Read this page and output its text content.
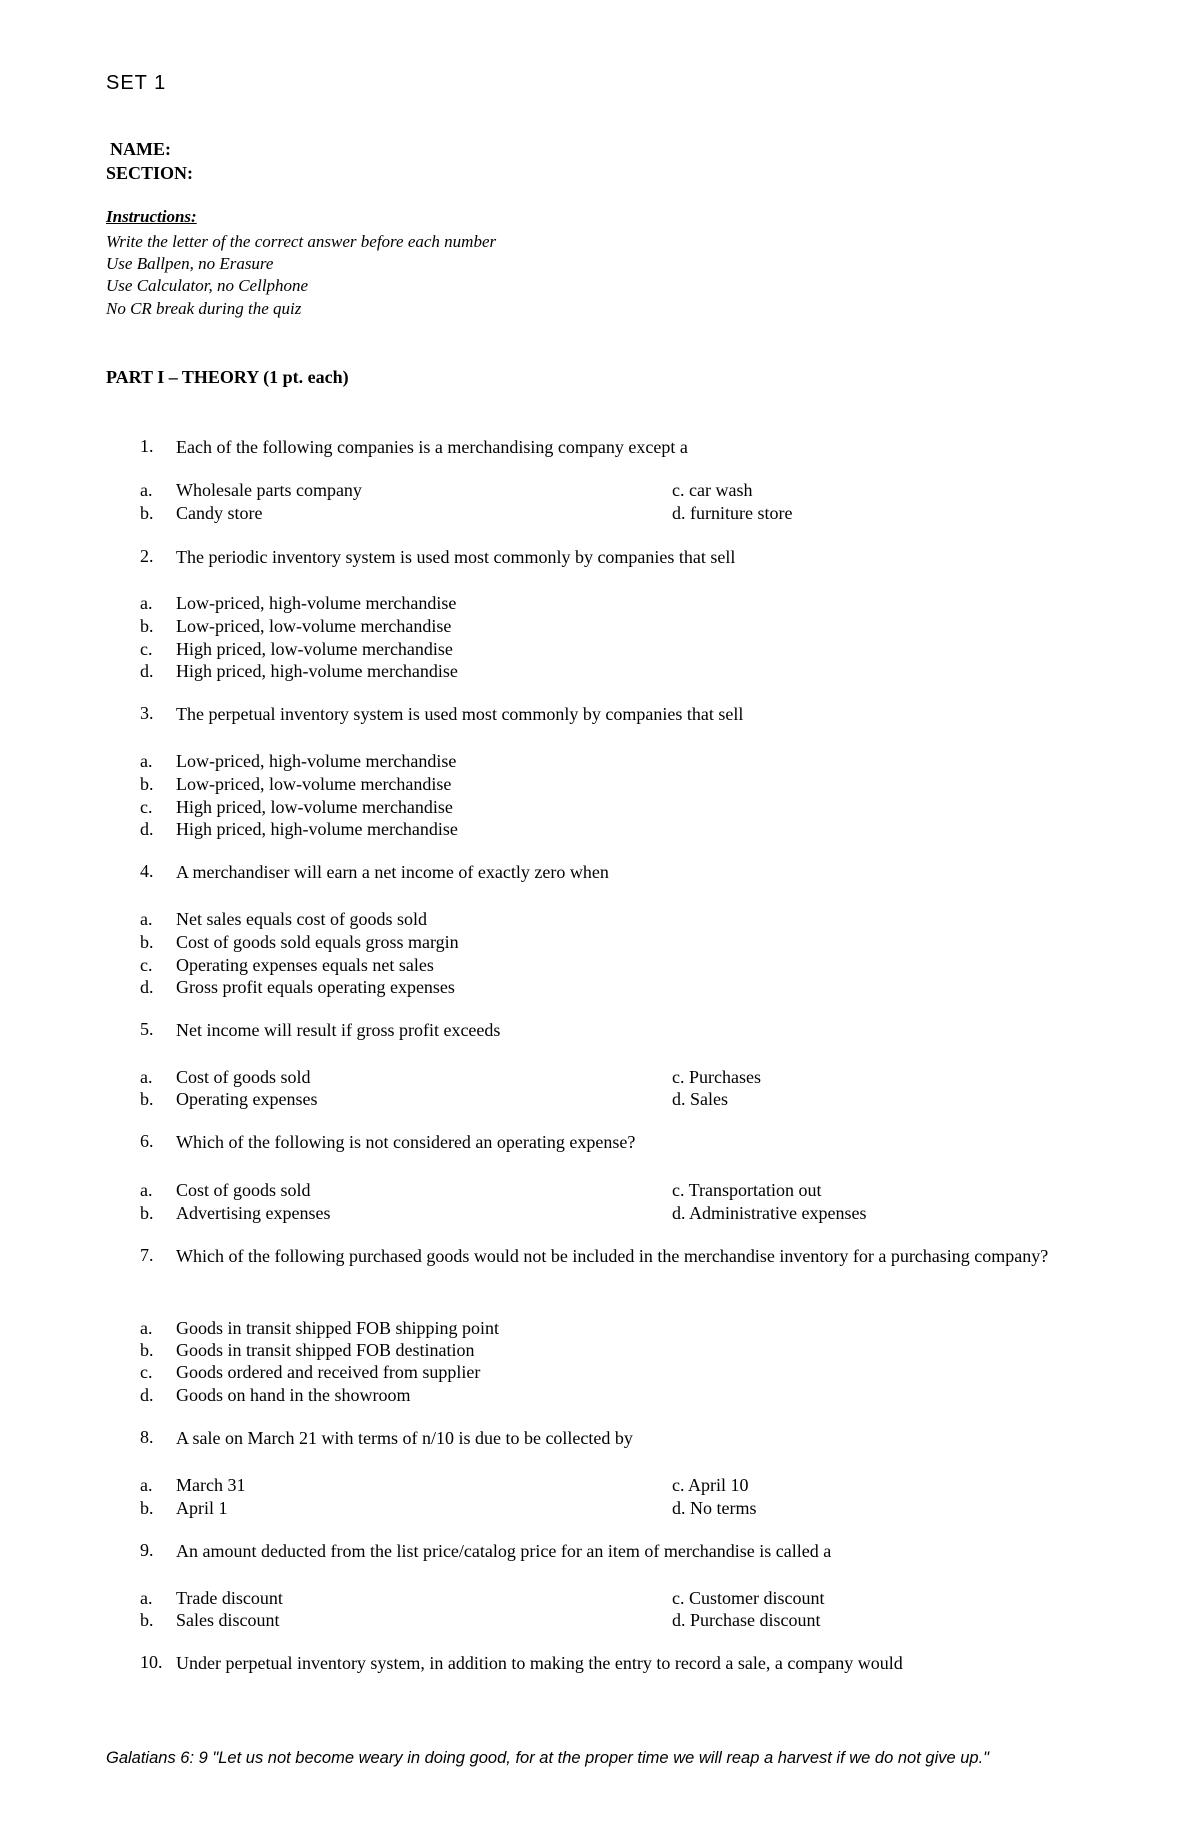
SET 1
NAME:
SECTION:
Instructions:
Write the letter of the correct answer before each number
Use Ballpen, no Erasure
Use Calculator, no Cellphone
No CR break during the quiz
PART I – THEORY (1 pt. each)
1.	Each of the following companies is a merchandising company except a
a. Wholesale parts company	c. car wash
b. Candy store	d. furniture store
2.	The periodic inventory system is used most commonly by companies that sell
a. Low-priced, high-volume merchandise
b. Low-priced, low-volume merchandise
c. High priced, low-volume merchandise
d. High priced, high-volume merchandise
3.	The perpetual inventory system is used most commonly by companies that sell
a. Low-priced, high-volume merchandise
b. Low-priced, low-volume merchandise
c. High priced, low-volume merchandise
d. High priced, high-volume merchandise
4.	A merchandiser will earn a net income of exactly zero when
a. Net sales equals cost of goods sold
b. Cost of goods sold equals gross margin
c. Operating expenses equals net sales
d. Gross profit equals operating expenses
5.	Net income will result if gross profit exceeds
a. Cost of goods sold	c. Purchases
b. Operating expenses	d. Sales
6.	Which of the following is not considered an operating expense?
a. Cost of goods sold	c. Transportation out
b. Advertising expenses	d. Administrative expenses
7.	Which of the following purchased goods would not be included in the merchandise inventory for a purchasing company?
a. Goods in transit shipped FOB shipping point
b. Goods in transit shipped FOB destination
c. Goods ordered and received from supplier
d. Goods on hand in the showroom
8.	A sale on March 21 with terms of n/10 is due to be collected by
a. March 31	c. April 10
b. April 1	d. No terms
9.	An amount deducted from the list price/catalog price for an item of merchandise is called a
a. Trade discount	c. Customer discount
b. Sales discount	d. Purchase discount
10. Under perpetual inventory system, in addition to making the entry to record a sale, a company would
Galatians 6: 9 "Let us not become weary in doing good, for at the proper time we will reap a harvest if we do not give up."
